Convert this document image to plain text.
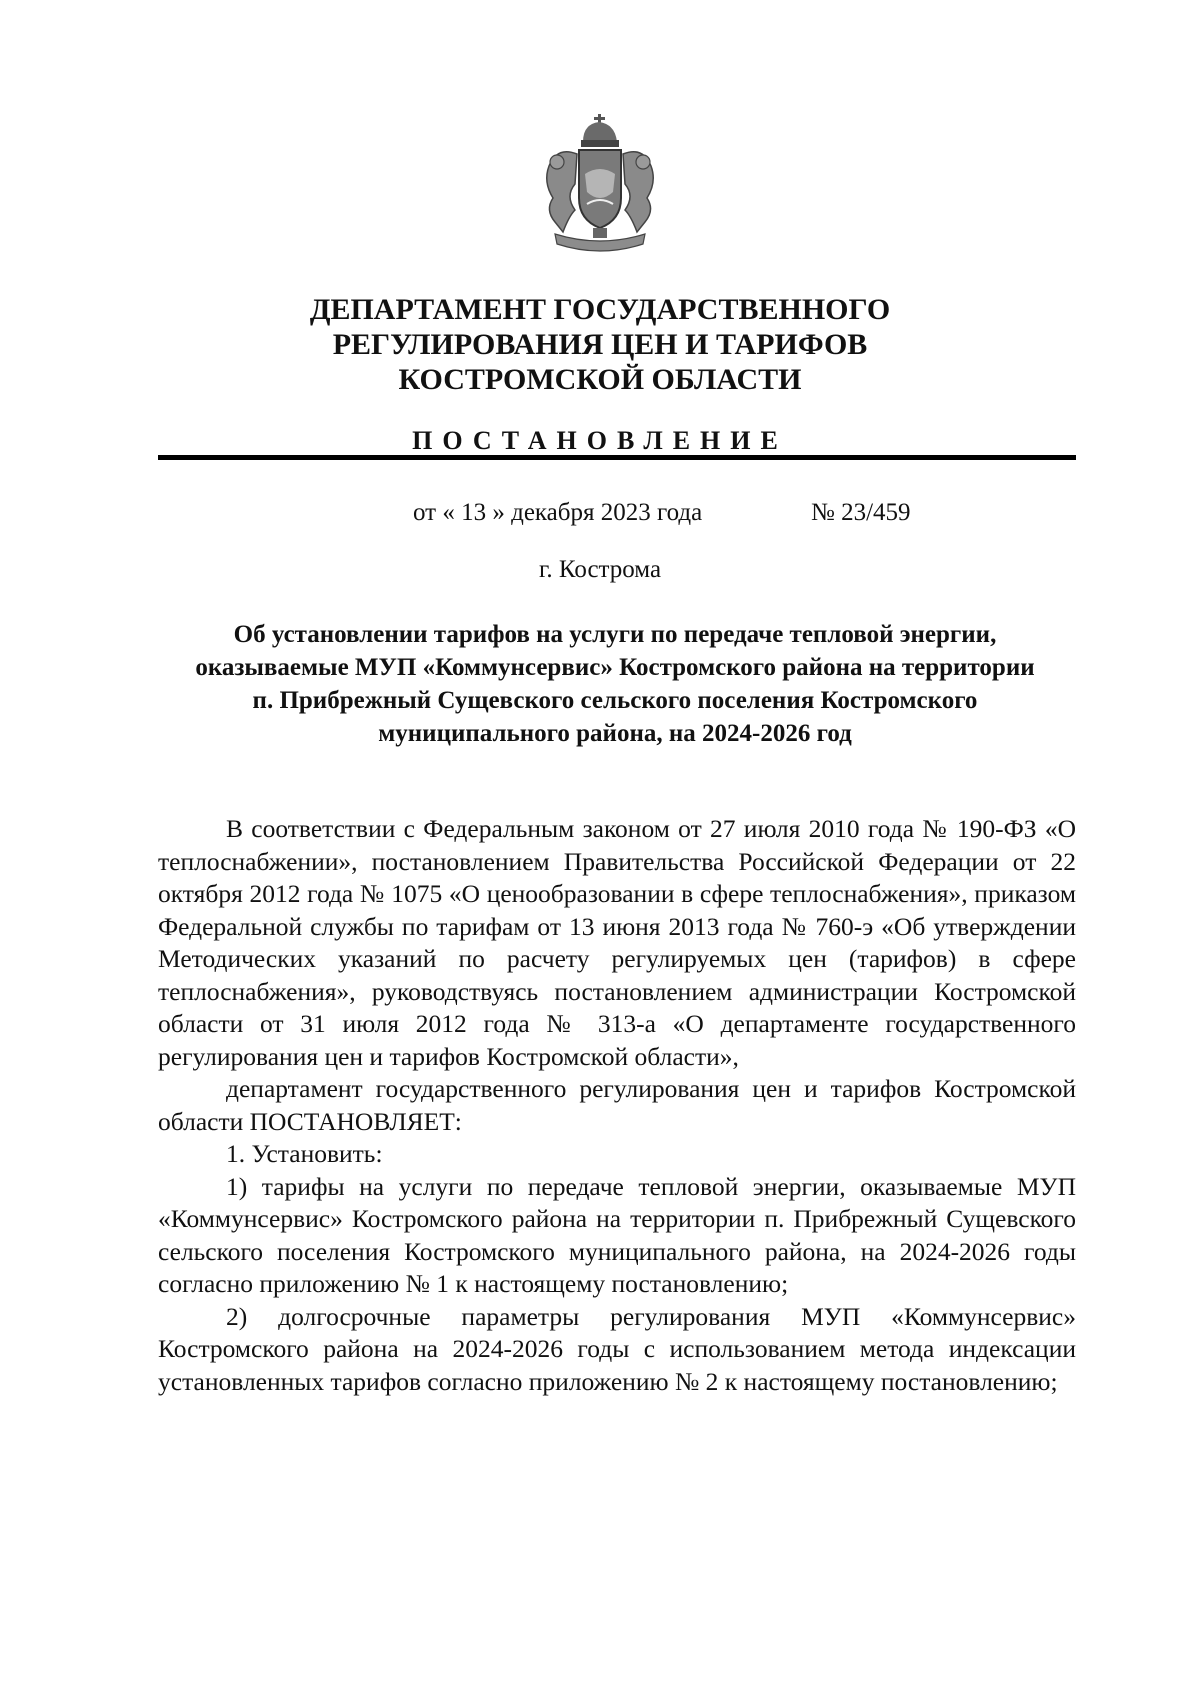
ДЕПАРТАМЕНТ ГОСУДАРСТВЕННОГО
РЕГУЛИРОВАНИЯ ЦЕН И ТАРИФОВ
КОСТРОМСКОЙ ОБЛАСТИ
ПОСТАНОВЛЕНИЕ
от « 13 » декабря 2023 года	№ 23/459
г. Кострома
Об установлении тарифов на услуги по передаче тепловой энергии,
оказываемые МУП «Коммунсервис» Костромского района на территории
п. Прибрежный Сущевского сельского поселения Костромского
муниципального района, на 2024-2026 год

В соответствии с Федеральным законом от 27 июля 2010 года № 190-ФЗ «О теплоснабжении», постановлением Правительства Российской Федерации от 22 октября 2012 года № 1075 «О ценообразовании в сфере теплоснабжения», приказом Федеральной службы по тарифам от 13 июня 2013 года № 760-э «Об утверждении Методических указаний по расчету регулируемых цен (тарифов) в сфере теплоснабжения», руководствуясь постановлением администрации Костромской области от 31 июля 2012 года № 313-а «О департаменте государственного регулирования цен и тарифов Костромской области»,

департамент государственного регулирования цен и тарифов Костромской области ПОСТАНОВЛЯЕТ:

1. Установить:

1) тарифы на услуги по передаче тепловой энергии, оказываемые МУП «Коммунсервис» Костромского района на территории п. Прибрежный Сущевского сельского поселения Костромского муниципального района, на 2024-2026 годы согласно приложению № 1 к настоящему постановлению;

2) долгосрочные параметры регулирования МУП «Коммунсервис» Костромского района на 2024-2026 годы с использованием метода индексации установленных тарифов согласно приложению № 2 к настоящему постановлению;
